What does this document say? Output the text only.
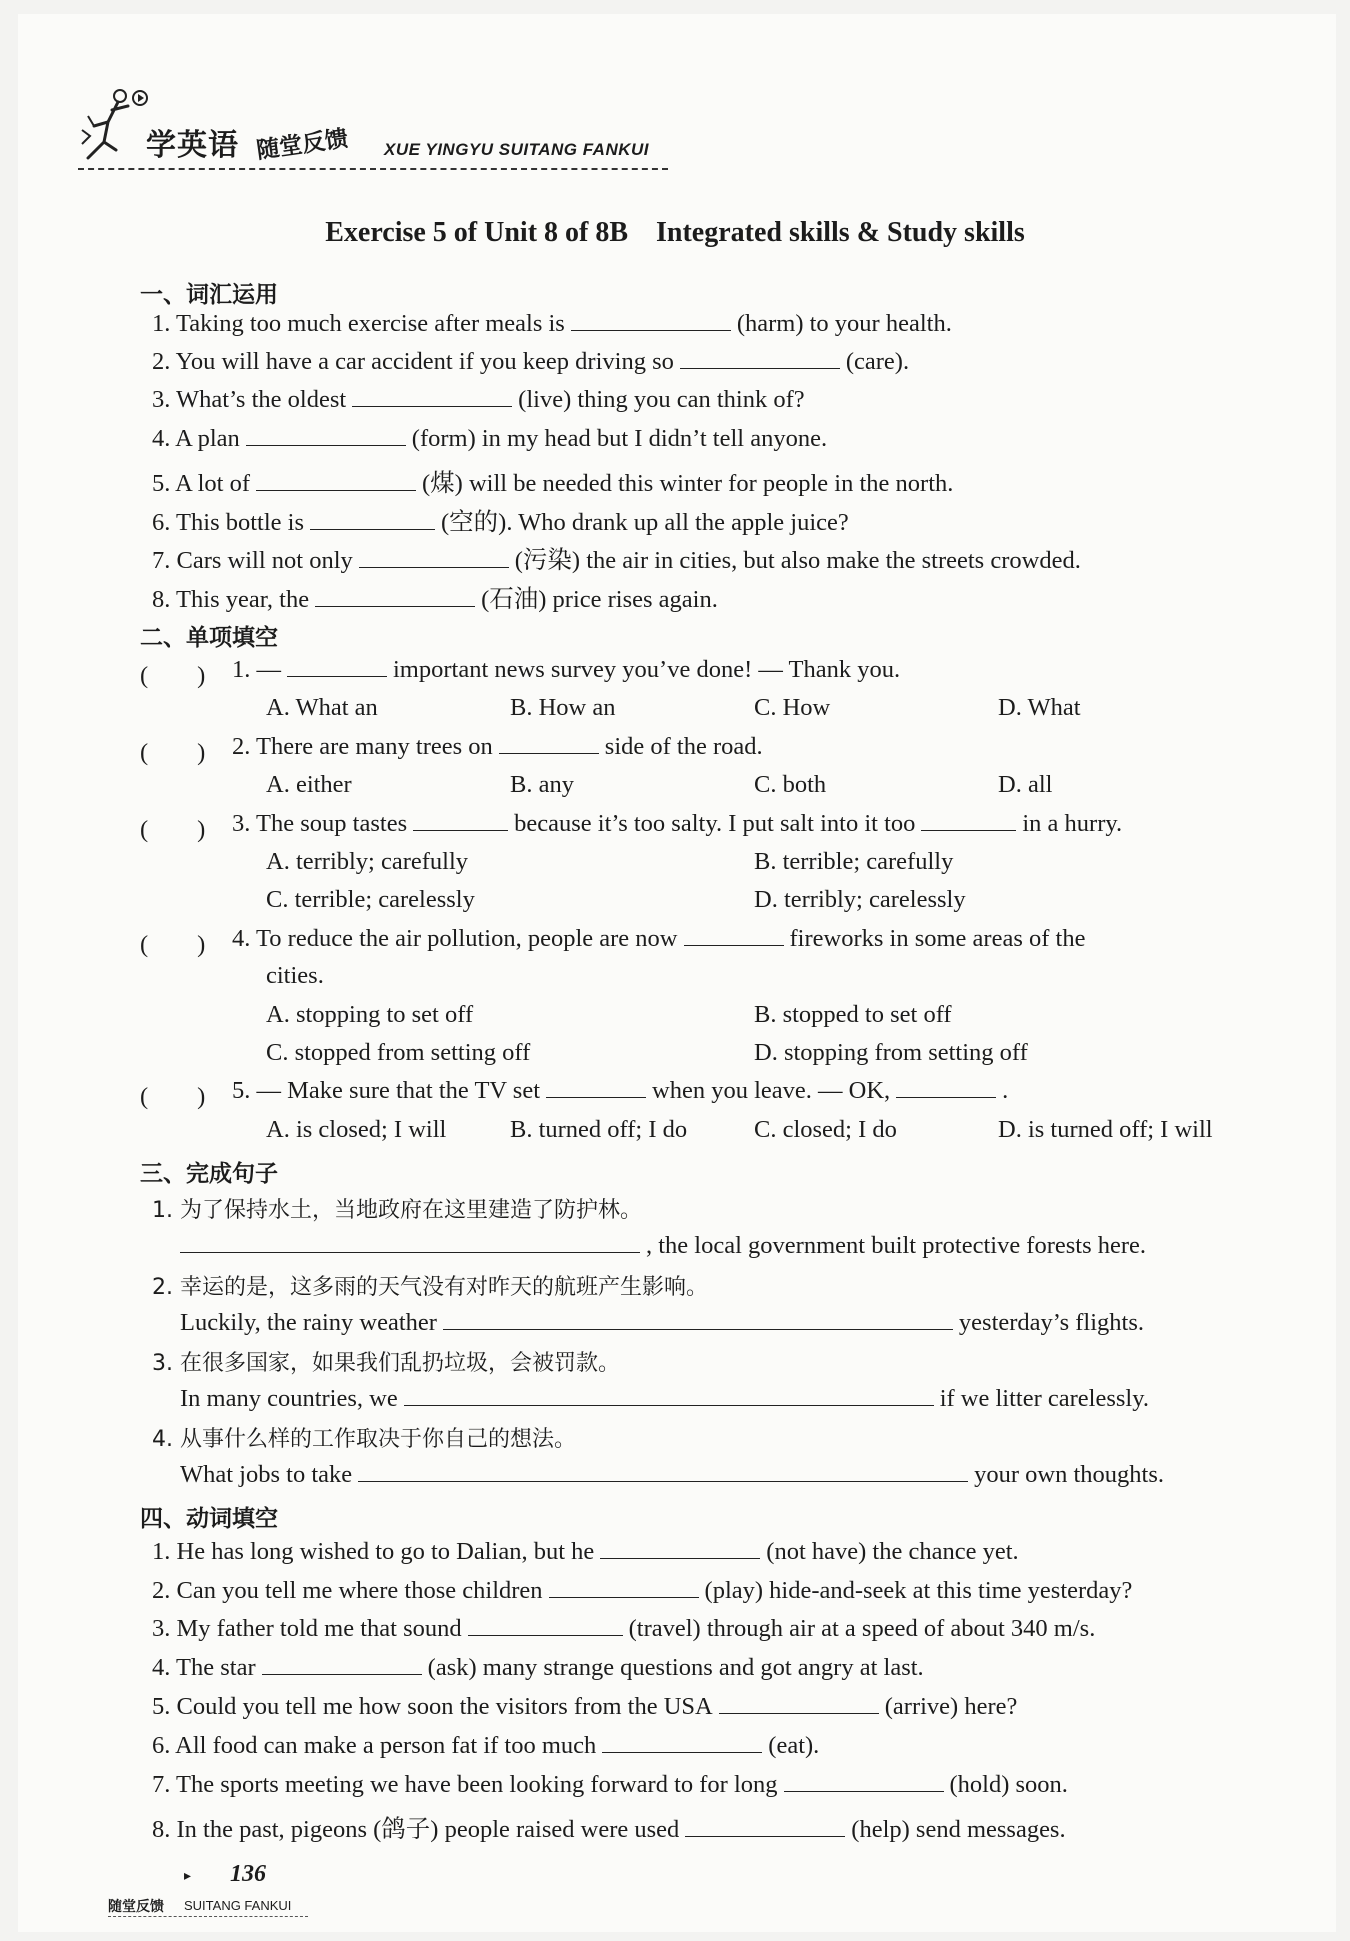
学英语 随堂反馈 XUE YINGYU SUITANG FANKUI
Exercise 5 of Unit 8 of 8B　Integrated skills & Study skills
一、词汇运用
1. Taking too much exercise after meals is	(harm) to your health.
2. You will have a car accident if you keep driving so	(care).
3. What’s the oldest	(live) thing you can think of?
4. A plan	(form) in my head but I didn’t tell anyone.
5. A lot of	(煤) will be needed this winter for people in the north.
6. This bottle is	(空的). Who drank up all the apple juice?
7. Cars will not only	(污染) the air in cities, but also make the streets crowded.
8. This year, the	(石油) price rises again.
二、单项填空
(　　) 1. —	important news survey you’ve done! — Thank you.
A. What an	B. How an	C. How	D. What
(　　) 2. There are many trees on	side of the road.
A. either	B. any	C. both	D. all
(　　) 3. The soup tastes	because it’s too salty. I put salt into it too	in a hurry.
A. terribly; carefully	B. terrible; carefully
C. terrible; carelessly	D. terribly; carelessly
(　　) 4. To reduce the air pollution, people are now	fireworks in some areas of the
cities.
A. stopping to set off	B. stopped to set off
C. stopped from setting off	D. stopping from setting off
(　　) 5. — Make sure that the TV set	when you leave. — OK,	.
A. is closed; I will	B. turned off; I do	C. closed; I do	D. is turned off; I will
三、完成句子
1. 为了保持水土，当地政府在这里建造了防护林。
, the local government built protective forests here.
2. 幸运的是，这多雨的天气没有对昨天的航班产生影响。
Luckily, the rainy weather	yesterday’s flights.
3. 在很多国家，如果我们乱扔垃圾，会被罚款。
In many countries, we	if we litter carelessly.
4. 从事什么样的工作取决于你自己的想法。
What jobs to take	your own thoughts.
四、动词填空
1. He has long wished to go to Dalian, but he	(not have) the chance yet.
2. Can you tell me where those children	(play) hide-and-seek at this time yesterday?
3. My father told me that sound	(travel) through air at a speed of about 340 m/s.
4. The star	(ask) many strange questions and got angry at last.
5. Could you tell me how soon the visitors from the USA	(arrive) here?
6. All food can make a person fat if too much	(eat).
7. The sports meeting we have been looking forward to for long	(hold) soon.
8. In the past, pigeons (鸽子) people raised were used	(help) send messages.
▸ 136
随堂反馈 SUITANG FANKUI
